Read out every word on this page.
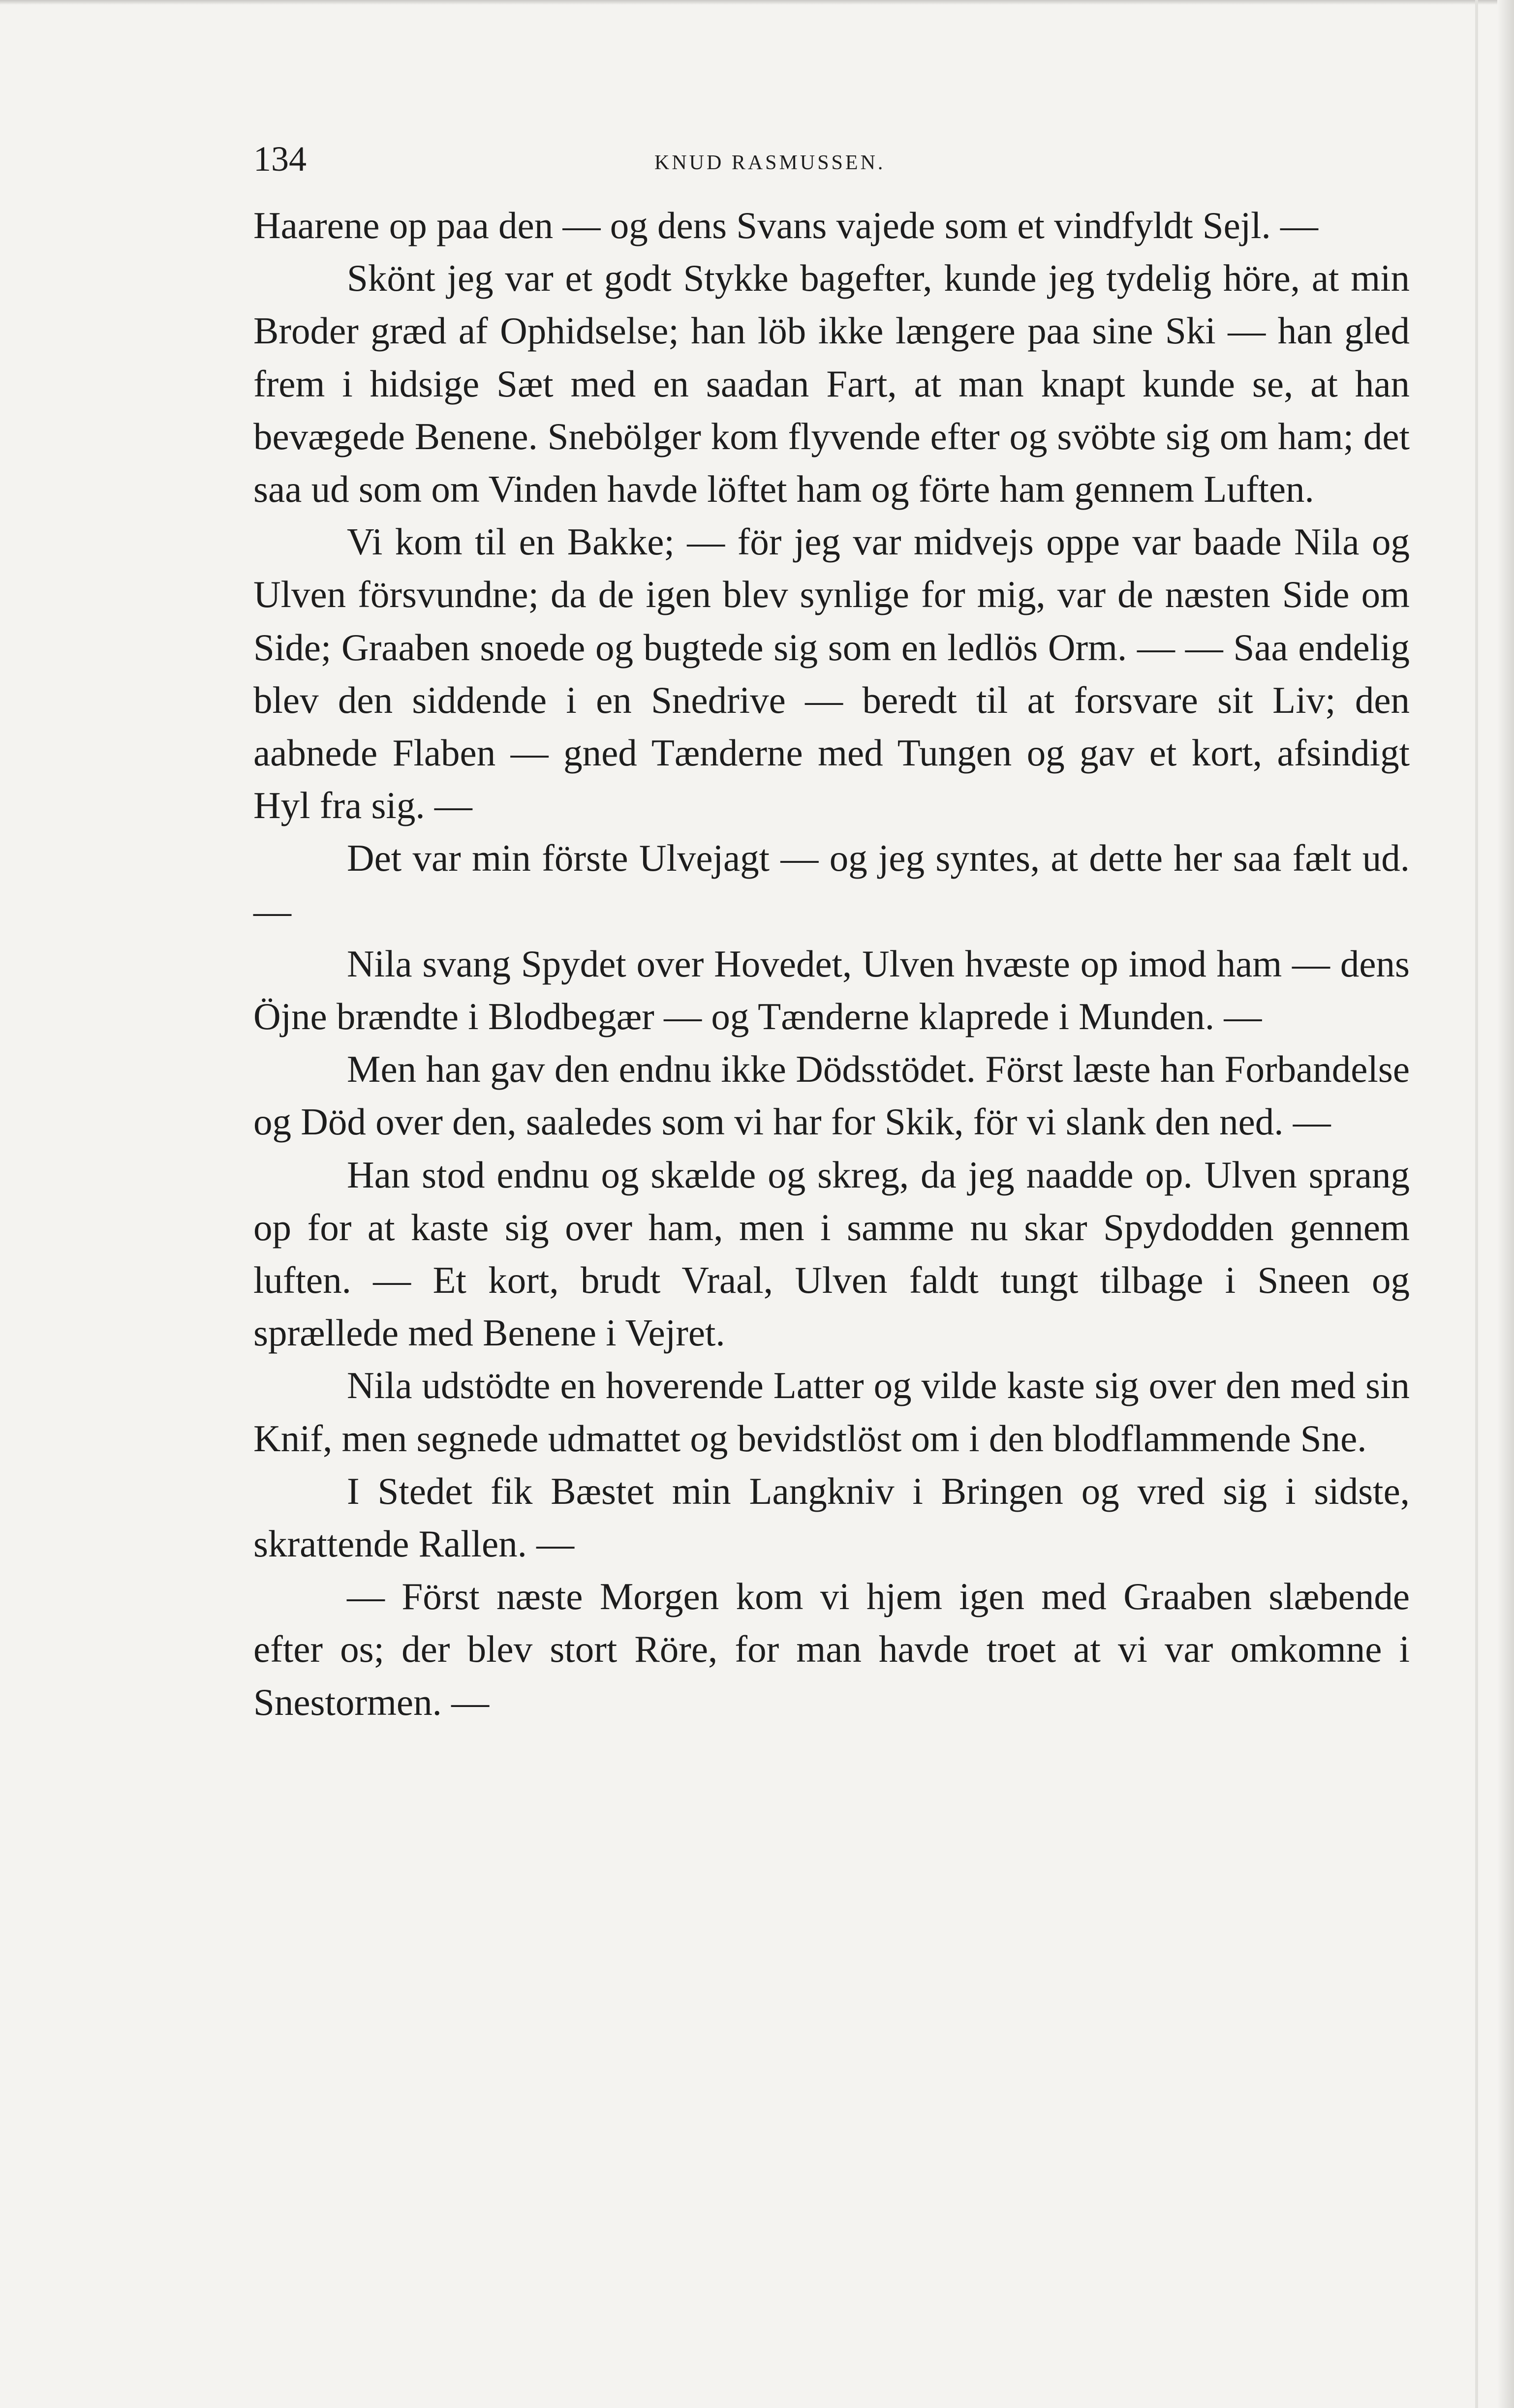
134	KNUD RASMUSSEN.

Haarene op paa den — og dens Svans vajede som et vindfyldt Sejl. —

Skönt jeg var et godt Stykke bagefter, kunde jeg tydelig höre, at min Broder græd af Ophidselse; han löb ikke længere paa sine Ski — han gled frem i hidsige Sæt med en saadan Fart, at man knapt kunde se, at han bevægede Benene. Snebölger kom flyvende efter og svöbte sig om ham; det saa ud som om Vinden havde löftet ham og förte ham gennem Luften.

Vi kom til en Bakke; — för jeg var midvejs oppe var baade Nila og Ulven försvundne; da de igen blev synlige for mig, var de næsten Side om Side; Graaben snoede og bugtede sig som en ledlös Orm. — — Saa endelig blev den siddende i en Snedrive — beredt til at forsvare sit Liv; den aabnede Flaben — gned Tænderne med Tungen og gav et kort, afsindigt Hyl fra sig. —

Det var min förste Ulvejagt — og jeg syntes, at dette her saa fælt ud. —

Nila svang Spydet over Hovedet, Ulven hvæste op imod ham — dens Öjne brændte i Blodbegær — og Tænderne klaprede i Munden. —

Men han gav den endnu ikke Dödsstödet. Först læste han Forbandelse og Död over den, saaledes som vi har for Skik, för vi slank den ned. —

Han stod endnu og skælde og skreg, da jeg naadde op. Ulven sprang op for at kaste sig over ham, men i samme nu skar Spydodden gennem luften. — Et kort, brudt Vraal, Ulven faldt tungt tilbage i Sneen og sprællede med Benene i Vejret.

Nila udstödte en hoverende Latter og vilde kaste sig over den med sin Knif, men segnede udmattet og bevidstlöst om i den blodflammende Sne.

I Stedet fik Bæstet min Langkniv i Bringen og vred sig i sidste, skrattende Rallen. —

— Först næste Morgen kom vi hjem igen med Graaben slæbende efter os; der blev stort Röre, for man havde troet at vi var omkomne i Snestormen. —
